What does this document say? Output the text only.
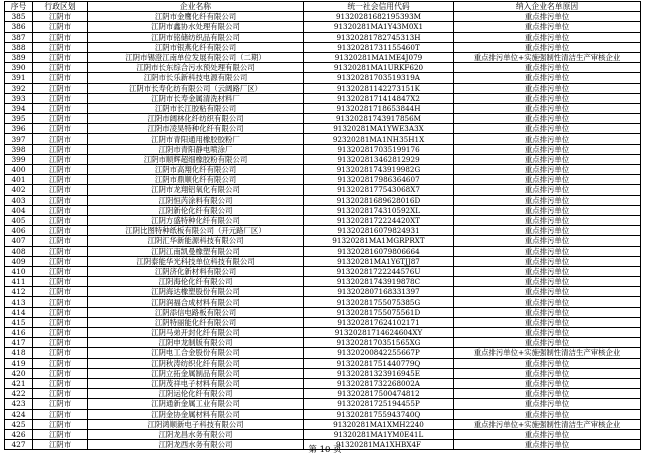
序号	行政区划	企业名称	统一社会信用代码	纳入企业名单原因
385	江阴市	江阴市金鹰化纤有限公司	91320281682195393M	重点排污单位
386	江阴市	江阴市鑫协水处理有限公司	91320281MA1Y43M0X1	重点排污单位
387	江阴市	江阴市铭储纺织品有限公司	91320281782745313H	重点排污单位
388	江阴市	江阴市银燕化纤有限公司	913202817311554​60T	重点排污单位
389	江阴市	江阴市锡澄江南单位发展有限公司（二期）	91320281MA1ME4J079	重点排污单位+实施强制性清洁生产审核企业
390	江阴市	江阴市长东综合污水预处理有限公司	91320281MA1URKF620	重点排污单位
391	江阴市	江阴市长乐新科技电源有限公司	9132028170351931​9A	重点排污单位
392	江阴市	江阴市长寿化纺有限公司（云阔路厂区）	91320281142273151K	重点排污单位
393	江阴市	江阴市长寿金属清洗材料厂	91320281714148​47X2	重点排污单位
394	江阴市	江阴市长江胶粘有限公司	913202817186538​44H	重点排污单位
395	江阴市	江阴市阔林化纤纺织有限公司	91320281743917856M	重点排污单位
396	江阴市	江阴市凌昊特种化纤有限公司	91320281MA1YWE3A3X	重点排污单位
397	江阴市	江阴市青阳通用橡胶胶粉厂	92320281MA1NH35H1X	重点排污单位
398	江阴市	江阴市青阳静电喷涂厂	91320281703519917​6	重点排污单位
399	江阴市	江阴市顺辉超细橡胶粉有限公司	91320281346281292​9	重点排污单位
400	江阴市	江阴市高翔化纤有限公司	913202817439199​82G	重点排污单位
401	江阴市	江阴市鼎顺化纤有限公司	91320281798636​4607	重点排污单位
402	江阴市	江阴市龙翔铝氧化有限公司	91320281775430​68X7	重点排污单位
403	江阴市	江阴恒芮涂料有限公司	913202816896280​16D	重点排污单位
404	江阴市	江阴新伦化纤有限公司	913202817431059​2XL	重点排污单位
405	江阴市	江阴方盛特种化纤有限公司	91320281722244​20XT	重点排污单位
406	江阴市	江阴比图特种纸板有限公司（开元路厂区）	913202816079824931	重点排污单位
407	江阴市	江阴汇华新能源科技有限公司	91320281MA1MGRPRXT	重点排污单位
408	江阴市	江阴江南凯曼橡塑有限公司	91320281607980​6664	重点排污单位
409	江阴市	江阴泰能华光科技单位科技有限公司	91320281MA1Y6TJJ87	重点排污单位
410	江阴市	江阴济化新材料有限公司	91320281722244​576U	重点排污单位
411	江阴市	江阴海伦化纤有限公司	91320281743919​878C	重点排污单位
412	江阴市	江阴海达橡塑股份有限公司	913202807168331397	重点排污单位
413	江阴市	江阴润福合成材料有限公司	913202817550753​85G	重点排污单位
414	江阴市	江阴添信电路板有限公司	913202817550755​61D	重点排污单位
415	江阴市	江阴特丽能化纤有限公司	91320281762410​2171	重点排污单位
416	江阴市	江阴马弟开封化纤有限公司	9132028171462460​4XY	重点排污单位
417	江阴市	江阴申龙制版有限公司	913202817035156​5XG	重点排污单位
418	江阴市	江阴电工合金股份有限公司	913202008422556​67P	重点排污单位+实施强制性清洁生产审核企业
419	江阴市	江阴秋涛纺织化纤有限公司	91320281751440​779Q	重点排污单位
420	江阴市	江阴立拓金属制品有限公司	91320281323916945E	重点排污单位
421	江阴市	江阴茂祥电子材料有限公司	913202817322680​02A	重点排污单位
422	江阴市	江阴运伦化纤有限公司	913202817500474812	重点排污单位
423	江阴市	江阴通新金属工业有限公司	91320281725194455P	重点排污单位
424	江阴市	江阴金协金属材料有限公司	91320281755943740Q	重点排污单位
425	江阴市	江阴鸿顺新电子科技有限公司	91320281MA1XMH2240	重点排污单位+实施强制性清洁生产审核企业
426	江阴市	江阴龙昌水务有限公司	91320281MA1YM0E41L	重点排污单位
427	江阴市	江阴龙西水务有限公司	91320281MA1XHBX4F	重点排污单位
第 10 页
